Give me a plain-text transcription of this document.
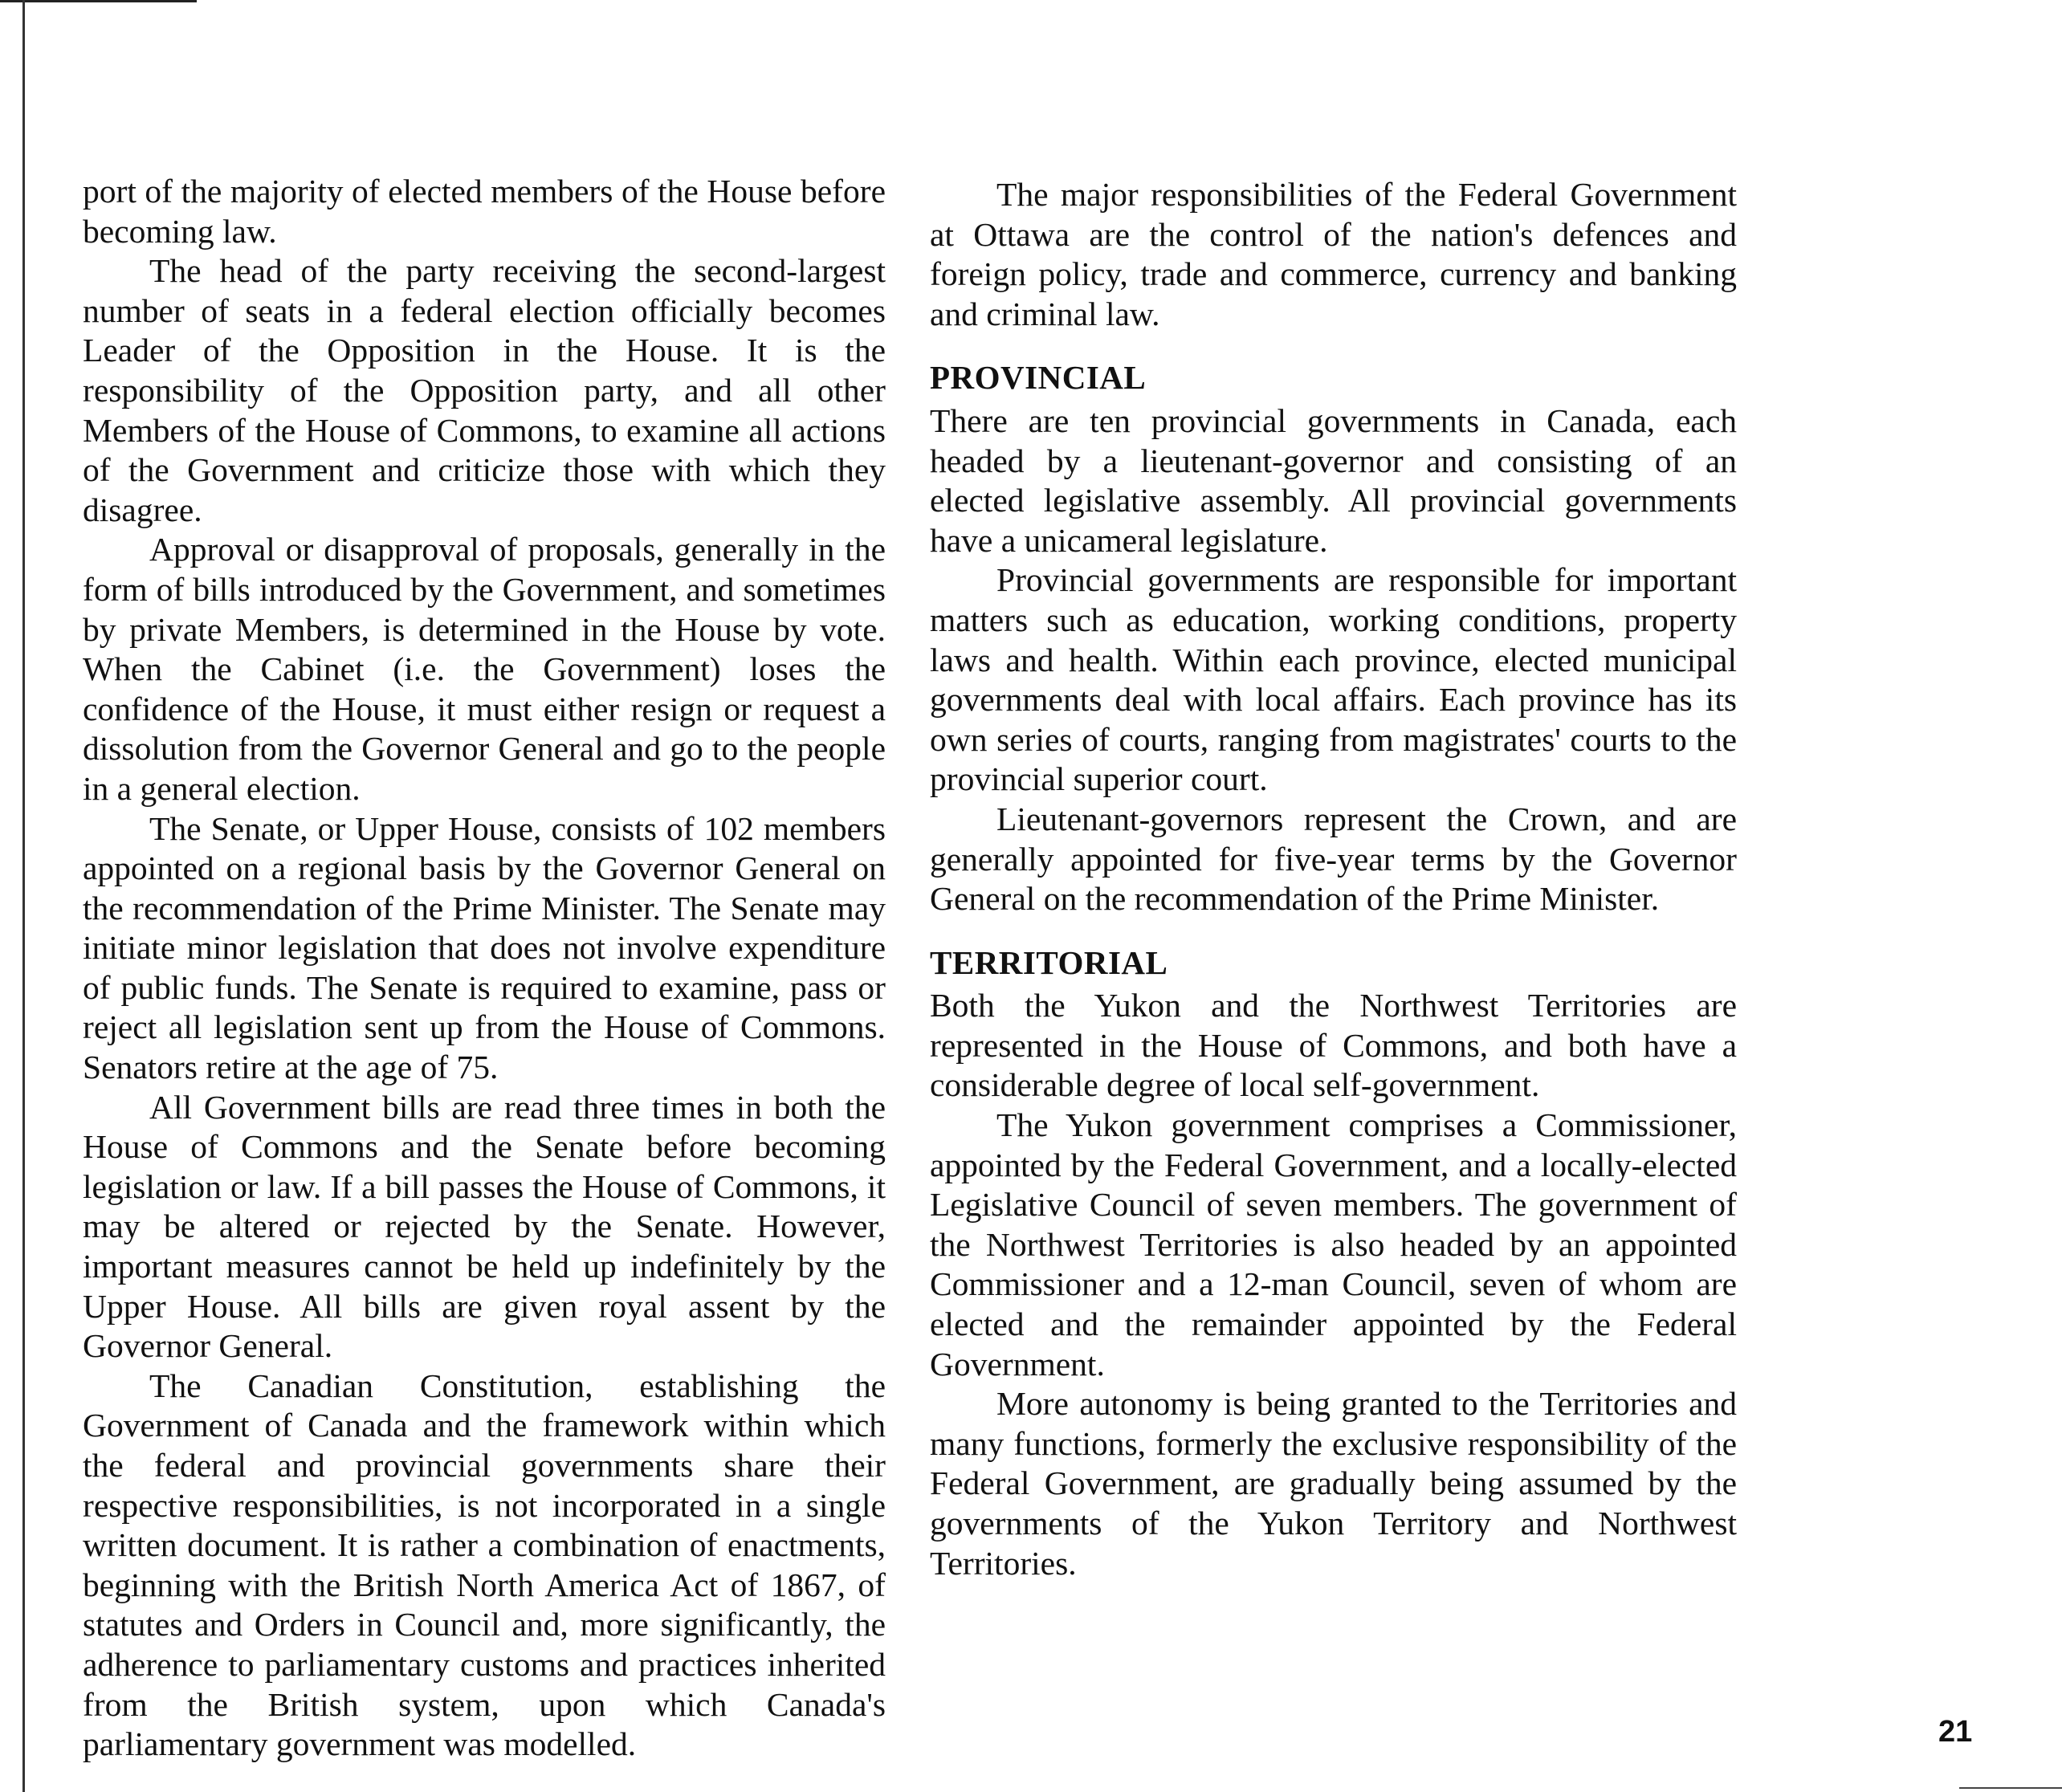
port of the majority of elected members of the House before becoming law.

The head of the party receiving the second-largest number of seats in a federal election officially becomes Leader of the Opposition in the House. It is the responsibility of the Opposition party, and all other Members of the House of Commons, to examine all actions of the Government and criticize those with which they disagree.

Approval or disapproval of proposals, generally in the form of bills introduced by the Government, and sometimes by private Members, is determined in the House by vote. When the Cabinet (i.e. the Government) loses the confidence of the House, it must either resign or request a dissolution from the Governor General and go to the people in a general election.

The Senate, or Upper House, consists of 102 members appointed on a regional basis by the Governor General on the recommendation of the Prime Minister. The Senate may initiate minor legislation that does not involve expenditure of public funds. The Senate is required to examine, pass or reject all legislation sent up from the House of Commons. Senators retire at the age of 75.

All Government bills are read three times in both the House of Commons and the Senate before becoming legislation or law. If a bill passes the House of Commons, it may be altered or rejected by the Senate. However, important measures cannot be held up indefinitely by the Upper House. All bills are given royal assent by the Governor General.

The Canadian Constitution, establishing the Government of Canada and the framework within which the federal and provincial governments share their respective responsibilities, is not incorporated in a single written document. It is rather a combination of enactments, beginning with the British North America Act of 1867, of statutes and Orders in Council and, more significantly, the adherence to parliamentary customs and practices inherited from the British system, upon which Canada's parliamentary government was modelled.

The major responsibilities of the Federal Government at Ottawa are the control of the nation's defences and foreign policy, trade and commerce, currency and banking and criminal law.

PROVINCIAL

There are ten provincial governments in Canada, each headed by a lieutenant-governor and consisting of an elected legislative assembly. All provincial governments have a unicameral legislature.

Provincial governments are responsible for important matters such as education, working conditions, property laws and health. Within each province, elected municipal governments deal with local affairs. Each province has its own series of courts, ranging from magistrates' courts to the provincial superior court.

Lieutenant-governors represent the Crown, and are generally appointed for five-year terms by the Governor General on the recommendation of the Prime Minister.

TERRITORIAL

Both the Yukon and the Northwest Territories are represented in the House of Commons, and both have a considerable degree of local self-government.

The Yukon government comprises a Commissioner, appointed by the Federal Government, and a locally-elected Legislative Council of seven members. The government of the Northwest Territories is also headed by an appointed Commissioner and a 12-man Council, seven of whom are elected and the remainder appointed by the Federal Government.

More autonomy is being granted to the Territories and many functions, formerly the exclusive responsibility of the Federal Government, are gradually being assumed by the governments of the Yukon Territory and Northwest Territories.

21
